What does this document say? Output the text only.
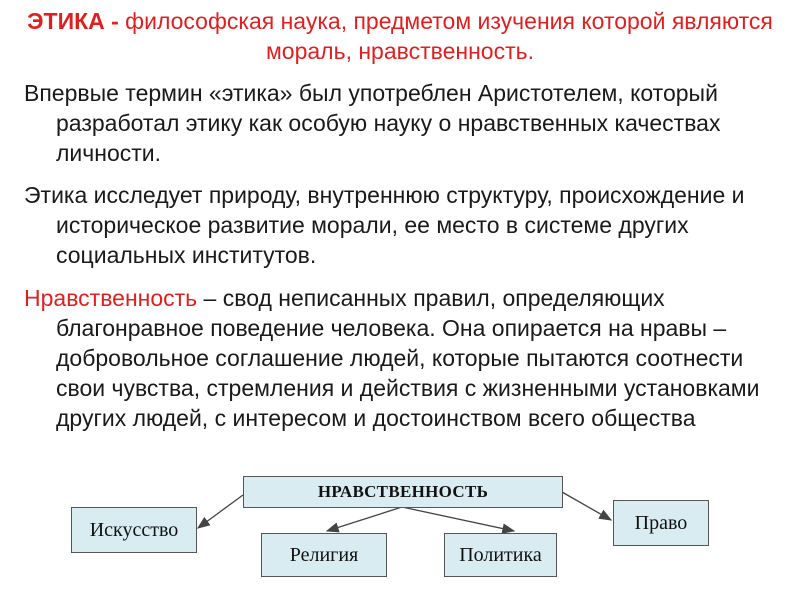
ЭТИКА - философская наука, предметом изучения которой являются мораль, нравственность.
Впервые термин «этика» был употреблен Аристотелем, который разработал этику как особую науку о нравственных качествах личности.
Этика исследует природу, внутреннюю структуру, происхождение и историческое развитие морали, ее место в системе других социальных институтов.
Нравственность – свод неписанных правил, определяющих благонравное поведение человека. Она опирается на нравы – добровольное соглашение людей, которые пытаются соотнести свои чувства, стремления и действия с жизненными установками других людей, с интересом и достоинством всего общества
НРАВСТВЕННОСТЬ
Искусство
Религия	Политика
Право
